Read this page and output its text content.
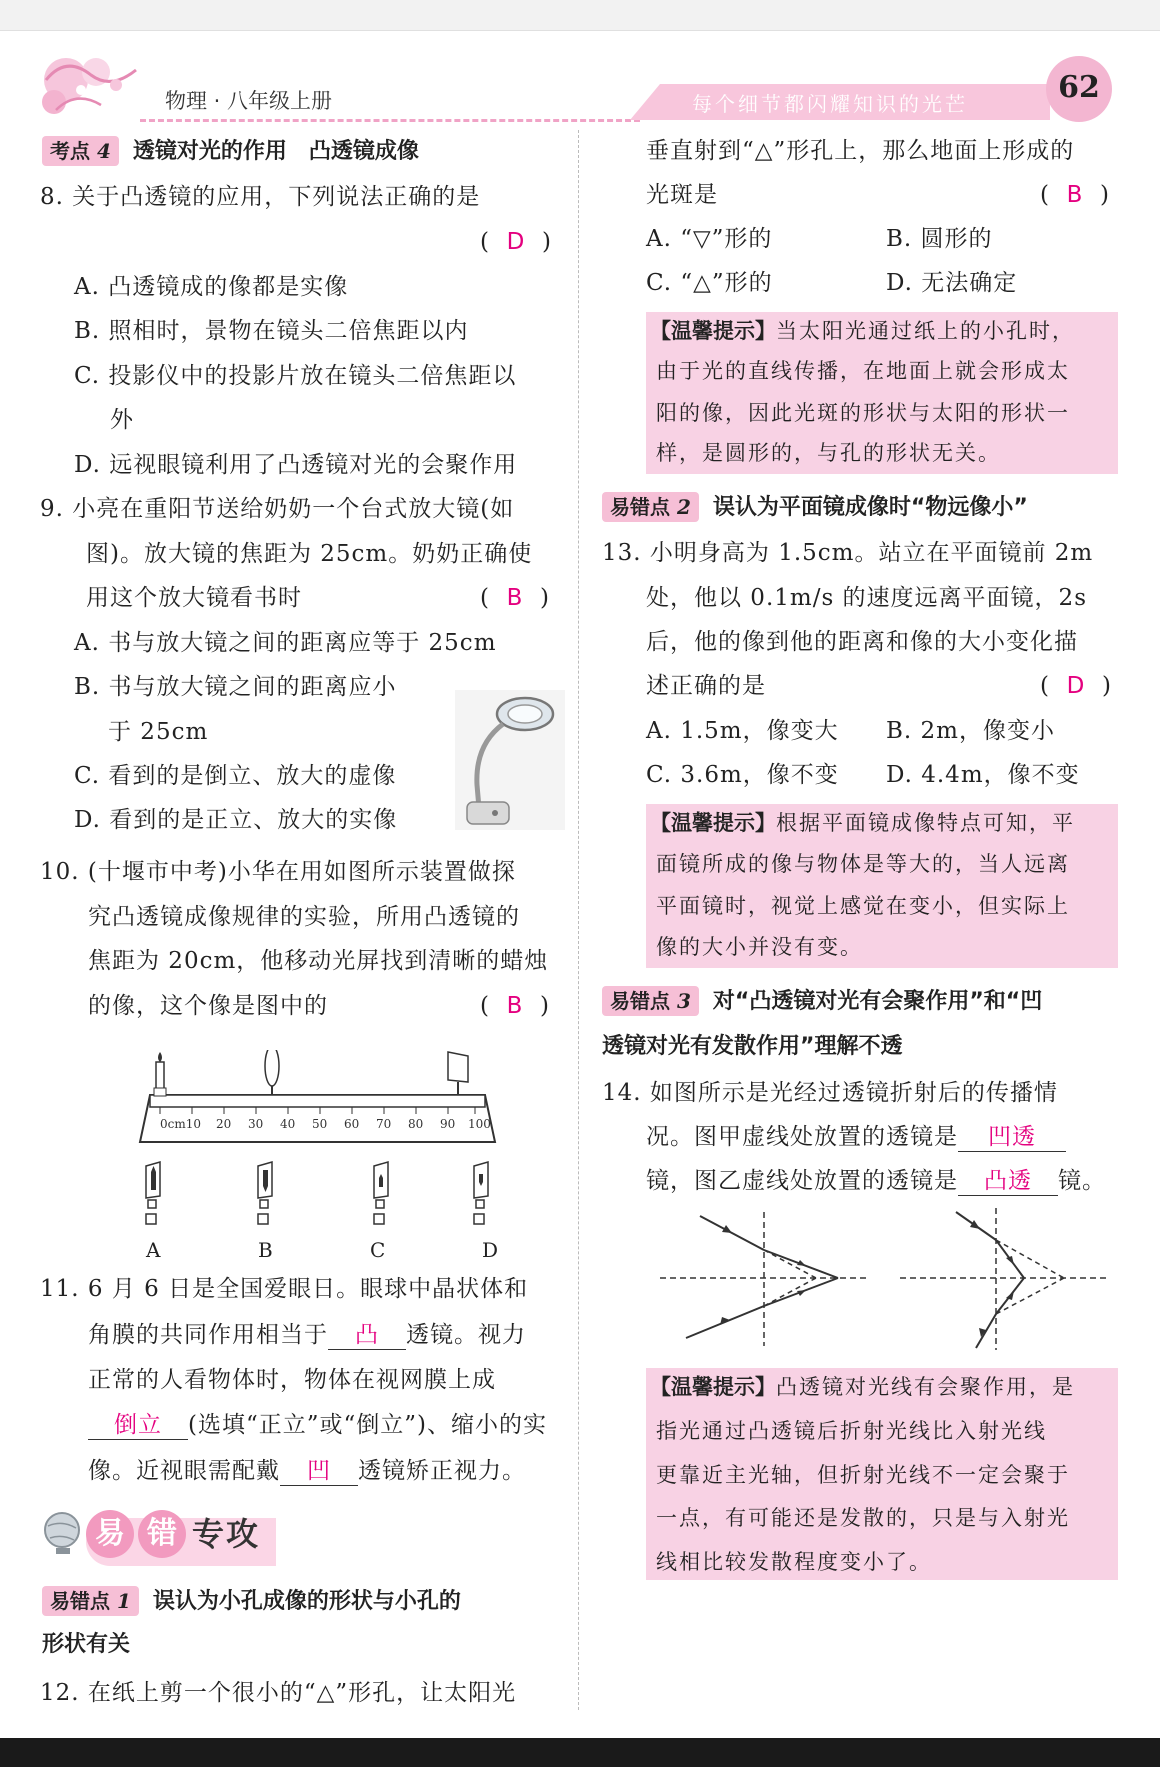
物理 · 八年级上册	每个细节都闪耀知识的光芒	62
考点 4 透镜对光的作用　凸透镜成像
8. 关于凸透镜的应用，下列说法正确的是
(  D  )
A. 凸透镜成的像都是实像
B. 照相时，景物在镜头二倍焦距以内
C. 投影仪中的投影片放在镜头二倍焦距以
外
D. 远视眼镜利用了凸透镜对光的会聚作用
9. 小亮在重阳节送给奶奶一个台式放大镜(如
图)。放大镜的焦距为 25cm。奶奶正确使
用这个放大镜看书时	(  B  )
A. 书与放大镜之间的距离应等于 25cm
B. 书与放大镜之间的距离应小
于 25cm
C. 看到的是倒立、放大的虚像
D. 看到的是正立、放大的实像
10. (十堰市中考)小华在用如图所示装置做探
究凸透镜成像规律的实验，所用凸透镜的
焦距为 20cm，他移动光屏找到清晰的蜡烛
的像，这个像是图中的	(  B  )
0cm10 20 30 40 50 60 70 80 90 100
A	B	C	D
11. 6 月 6 日是全国爱眼日。眼球中晶状体和
角膜的共同作用相当于 凸 透镜。视力
正常的人看物体时，物体在视网膜上成
倒立 (选填“正立”或“倒立”)、缩小的实
像。近视眼需配戴 凹 透镜矫正视力。
易 错 专攻
易错点 1 误认为小孔成像的形状与小孔的
形状有关
12. 在纸上剪一个很小的“△”形孔，让太阳光
垂直射到“△”形孔上，那么地面上形成的
光斑是	(  B  )
A. “▽”形的	B. 圆形的
C. “△”形的	D. 无法确定
【温馨提示】当太阳光通过纸上的小孔时，
由于光的直线传播，在地面上就会形成太
阳的像，因此光斑的形状与太阳的形状一
样，是圆形的，与孔的形状无关。
易错点 2 误认为平面镜成像时“物远像小”
13. 小明身高为 1.5cm。站立在平面镜前 2m
处，他以 0.1m/s 的速度远离平面镜，2s
后，他的像到他的距离和像的大小变化描
述正确的是	(  D  )
A. 1.5m，像变大 B. 2m，像变小
C. 3.6m，像不变 D. 4.4m，像不变
【温馨提示】根据平面镜成像特点可知，平
面镜所成的像与物体是等大的，当人远离
平面镜时，视觉上感觉在变小，但实际上
像的大小并没有变。
易错点 3 对“凸透镜对光有会聚作用”和“凹
透镜对光有发散作用”理解不透
14. 如图所示是光经过透镜折射后的传播情
况。图甲虚线处放置的透镜是 凹透
镜，图乙虚线处放置的透镜是 凸透 镜。
【温馨提示】凸透镜对光线有会聚作用，是
指光通过凸透镜后折射光线比入射光线
更靠近主光轴，但折射光线不一定会聚于
一点，有可能还是发散的，只是与入射光
线相比较发散程度变小了。
